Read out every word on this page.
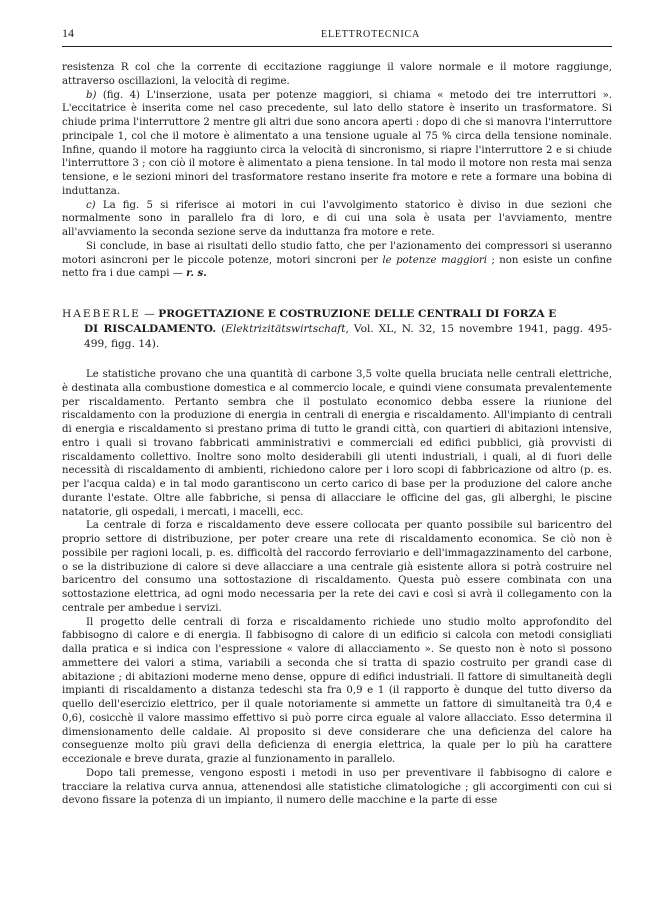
14	ELETTROTECNICA

resistenza R col che la corrente di eccitazione raggiunge il valore normale e il motore raggiunge, attraverso oscillazioni, la velocità di regime.

b) (fig. 4) L'inserzione, usata per potenze maggiori, si chiama « metodo dei tre interruttori ». L'eccitatrice è inserita come nel caso precedente, sul lato dello statore è inserito un trasformatore. Si chiude prima l'interruttore 2 mentre gli altri due sono ancora aperti : dopo di che si manovra l'interruttore principale 1, col che il motore è alimentato a una tensione uguale al 75 % circa della tensione nominale. Infine, quando il motore ha raggiunto circa la velocità di sincronismo, si riapre l'interruttore 2 e si chiude l'interruttore 3 ; con ciò il motore è alimentato a piena tensione. In tal modo il motore non resta mai senza tensione, e le sezioni minori del trasformatore restano inserite fra motore e rete a formare una bobina di induttanza.

c) La fig. 5 si riferisce ai motori in cui l'avvolgimento statorico è diviso in due sezioni che normalmente sono in parallelo fra di loro, e di cui una sola è usata per l'avviamento, mentre all'avviamento la seconda sezione serve da induttanza fra motore e rete.

Si conclude, in base ai risultati dello studio fatto, che per l'azionamento dei compressori si useranno motori asincroni per le piccole potenze, motori sincroni per le potenze maggiori ; non esiste un confine netto fra i due campi — r. s.

HAEBERLE — PROGETTAZIONE E COSTRUZIONE DELLE CENTRALI DI FORZA E
DI RISCALDAMENTO. (Elektrizitätswirtschaft, Vol. XL, N. 32, 15 novembre 1941, pagg. 495-499, figg. 14).

Le statistiche provano che una quantità di carbone 3,5 volte quella bruciata nelle centrali elettriche, è destinata alla combustione domestica e al commercio locale, e quindi viene consumata prevalentemente per riscaldamento. Pertanto sembra che il postulato economico debba essere la riunione del riscaldamento con la produzione di energia in centrali di energia e riscaldamento. All'impianto di centrali di energia e riscaldamento si prestano prima di tutto le grandi città, con quartieri di abitazioni intensive, entro i quali si trovano fabbricati amministrativi e commerciali ed edifici pubblici, già provvisti di riscaldamento collettivo. Inoltre sono molto desiderabili gli utenti industriali, i quali, al di fuori delle necessità di riscaldamento di ambienti, richiedono calore per i loro scopi di fabbricazione od altro (p. es. per l'acqua calda) e in tal modo garantiscono un certo carico di base per la produzione del calore anche durante l'estate. Oltre alle fabbriche, si pensa di allacciare le officine del gas, gli alberghi, le piscine natatorie, gli ospedali, i mercati, i macelli, ecc.

La centrale di forza e riscaldamento deve essere collocata per quanto possibile sul baricentro del proprio settore di distribuzione, per poter creare una rete di riscaldamento economica. Se ciò non è possibile per ragioni locali, p. es. difficoltà del raccordo ferroviario e dell'immagazzinamento del carbone, o se la distribuzione di calore si deve allacciare a una centrale già esistente allora si potrà costruire nel baricentro del consumo una sottostazione di riscaldamento. Questa può essere combinata con una sottostazione elettrica, ad ogni modo necessaria per la rete dei cavi e così si avrà il collegamento con la centrale per ambedue i servizi.

Il progetto delle centrali di forza e riscaldamento richiede uno studio molto approfondito del fabbisogno di calore e di energia. Il fabbisogno di calore di un edificio si calcola con metodi consigliati dalla pratica e si indica con l'espressione « valore di allacciamento ». Se questo non è noto si possono ammettere dei valori a stima, variabili a seconda che si tratta di spazio costruito per grandi case di abitazione ; di abitazioni moderne meno dense, oppure di edifici industriali. Il fattore di simultaneità degli impianti di riscaldamento a distanza tedeschi sta fra 0,9 e 1 (il rapporto è dunque del tutto diverso da quello dell'esercizio elettrico, per il quale notoriamente si ammette un fattore di simultaneità tra 0,4 e 0,6), cosicchè il valore massimo effettivo si può porre circa eguale al valore allacciato. Esso determina il dimensionamento delle caldaie. Al proposito si deve considerare che una deficienza del calore ha conseguenze molto più gravi della deficienza di energia elettrica, la quale per lo più ha carattere eccezionale e breve durata, grazie al funzionamento in parallelo.

Dopo tali premesse, vengono esposti i metodi in uso per preventivare il fabbisogno di calore e tracciare la relativa curva annua, attenendosi alle statistiche climatologiche ; gli accorgimenti con cui si devono fissare la potenza di un impianto, il numero delle macchine e la parte di esse
